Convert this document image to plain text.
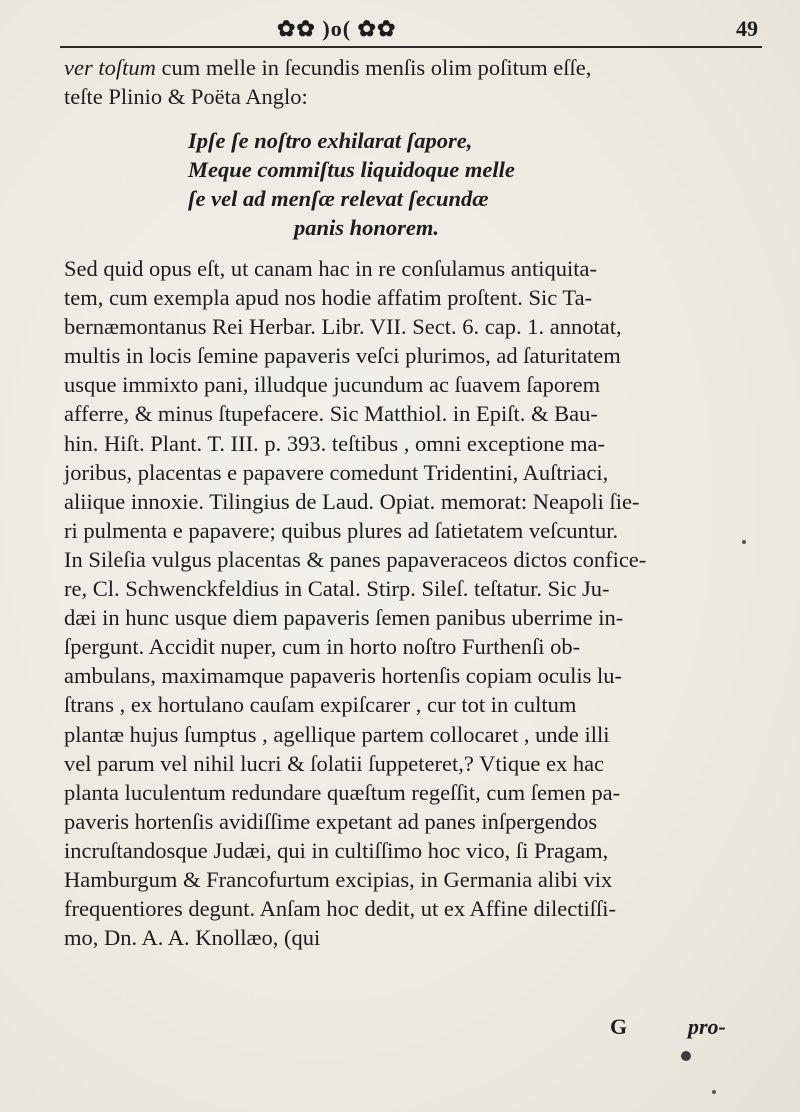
✿✿ )o( ✿✿	49
ver toſtum cum melle in ſecundis menſis olim poſitum eſſe,
teſte Plinio & Poëta Anglo:
Ipſe ſe noſtro exhilarat ſapore,
Meque commiſtus liquidoque melle
ſe vel ad menſæ relevat ſecundæ
panis honorem.
Sed quid opus eſt, ut canam hac in re conſulamus antiquita-
tem, cum exempla apud nos hodie affatim proſtent. Sic Ta-
bernæmontanus Rei Herbar. Libr. VII. Sect. 6. cap. 1. annotat,
multis in locis ſemine papaveris veſci plurimos, ad ſaturitatem
usque immixto pani, illudque jucundum ac ſuavem ſaporem
afferre, & minus ſtupefacere. Sic Matthiol. in Epiſt. & Bau-
hin. Hiſt. Plant. T. III. p. 393. teſtibus , omni exceptione ma-
joribus, placentas e papavere comedunt Tridentini, Auſtriaci,
aliique innoxie. Tilingius de Laud. Opiat. memorat: Neapoli ſie-
ri pulmenta e papavere; quibus plures ad ſatietatem veſcuntur.
In Sileſia vulgus placentas & panes papaveraceos dictos confice-
re, Cl. Schwenckfeldius in Catal. Stirp. Sileſ. teſtatur. Sic Ju-
dæi in hunc usque diem papaveris ſemen panibus uberrime in-
ſpergunt. Accidit nuper, cum in horto noſtro Furthenſi ob-
ambulans, maximamque papaveris hortenſis copiam oculis lu-
ſtrans , ex hortulano cauſam expiſcarer , cur tot in cultum
plantæ hujus ſumptus , agellique partem collocaret , unde illi
vel parum vel nihil lucri & ſolatii ſuppeteret,? Vtique ex hac
planta luculentum redundare quæſtum regeſſit, cum ſemen pa-
paveris hortenſis avidiſſime expetant ad panes inſpergendos
incruſtandosque Judæi, qui in cultiſſimo hoc vico, ſi Pragam,
Hamburgum & Francofurtum excipias, in Germania alibi vix
frequentiores degunt. Anſam hoc dedit, ut ex Affine dilectiſſi-
mo, Dn. A. A. Knollæo, (qui
G	pro-
